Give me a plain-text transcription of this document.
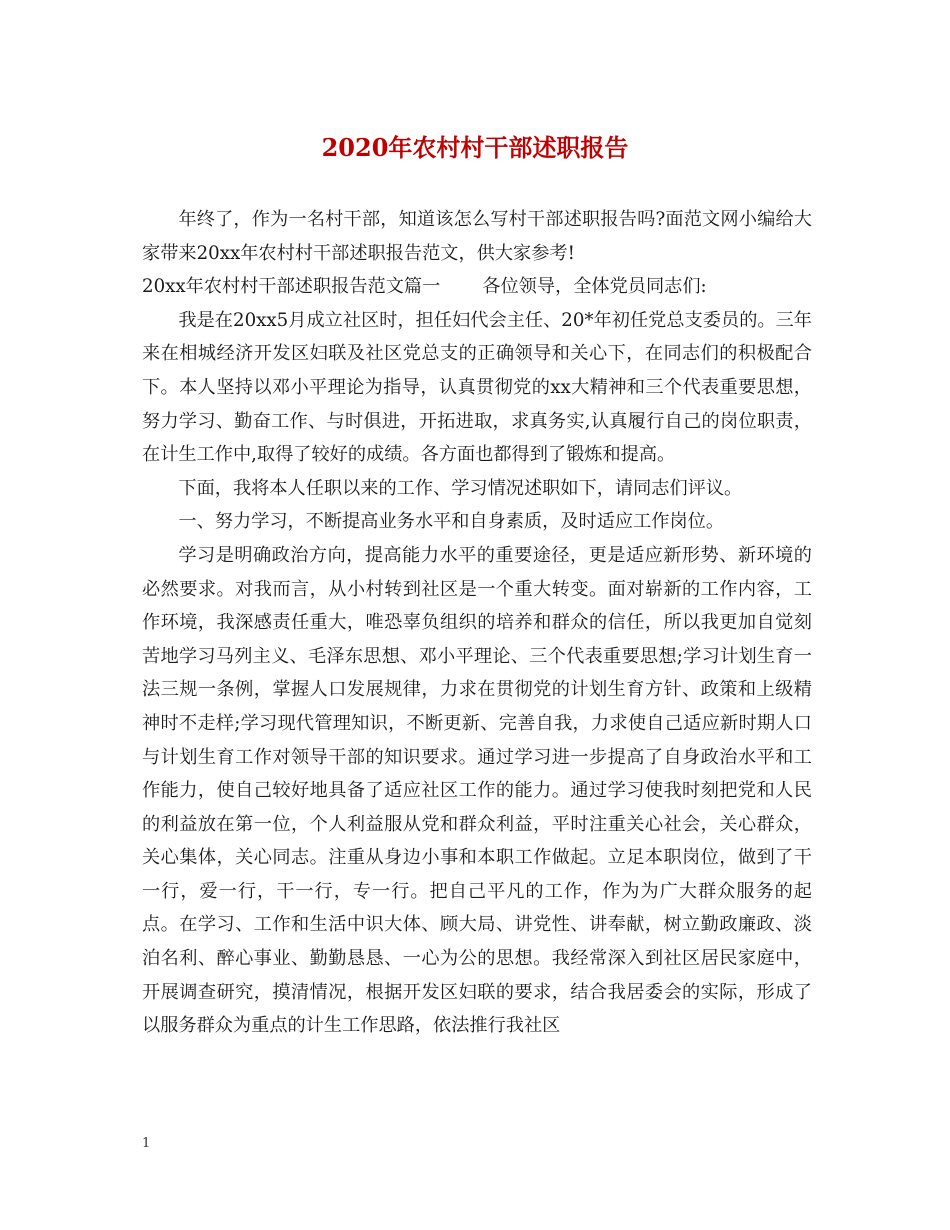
2020年农村村干部述职报告

年终了，作为一名村干部，知道该怎么写村干部述职报告吗?面范文网小编给大家带来20xx年农村村干部述职报告范文，供大家参考!

20xx年农村村干部述职报告范文篇一 各位领导，全体党员同志们:

我是在20xx5月成立社区时，担任妇代会主任、20*年初任党总支委员的。三年来在相城经济开发区妇联及社区党总支的正确领导和关心下，在同志们的积极配合下。本人坚持以邓小平理论为指导，认真贯彻党的xx大精神和三个代表重要思想，努力学习、勤奋工作、与时俱进，开拓进取，求真务实,认真履行自己的岗位职责，在计生工作中,取得了较好的成绩。各方面也都得到了锻炼和提高。

下面，我将本人任职以来的工作、学习情况述职如下，请同志们评议。

一、努力学习，不断提高业务水平和自身素质，及时适应工作岗位。

学习是明确政治方向，提高能力水平的重要途径，更是适应新形势、新环境的必然要求。对我而言，从小村转到社区是一个重大转变。面对崭新的工作内容，工作环境，我深感责任重大，唯恐辜负组织的培养和群众的信任，所以我更加自觉刻苦地学习马列主义、毛泽东思想、邓小平理论、三个代表重要思想;学习计划生育一法三规一条例，掌握人口发展规律，力求在贯彻党的计划生育方针、政策和上级精神时不走样;学习现代管理知识，不断更新、完善自我，力求使自己适应新时期人口与计划生育工作对领导干部的知识要求。通过学习进一步提高了自身政治水平和工作能力，使自己较好地具备了适应社区工作的能力。通过学习使我时刻把党和人民的利益放在第一位，个人利益服从党和群众利益，平时注重关心社会，关心群众，关心集体，关心同志。注重从身边小事和本职工作做起。立足本职岗位，做到了干一行，爱一行，干一行，专一行。把自己平凡的工作，作为为广大群众服务的起点。在学习、工作和生活中识大体、顾大局、讲党性、讲奉献，树立勤政廉政、淡泊名利、醉心事业、勤勤恳恳、一心为公的思想。我经常深入到社区居民家庭中，开展调查研究，摸清情况，根据开发区妇联的要求，结合我居委会的实际，形成了以服务群众为重点的计生工作思路，依法推行我社区

1
